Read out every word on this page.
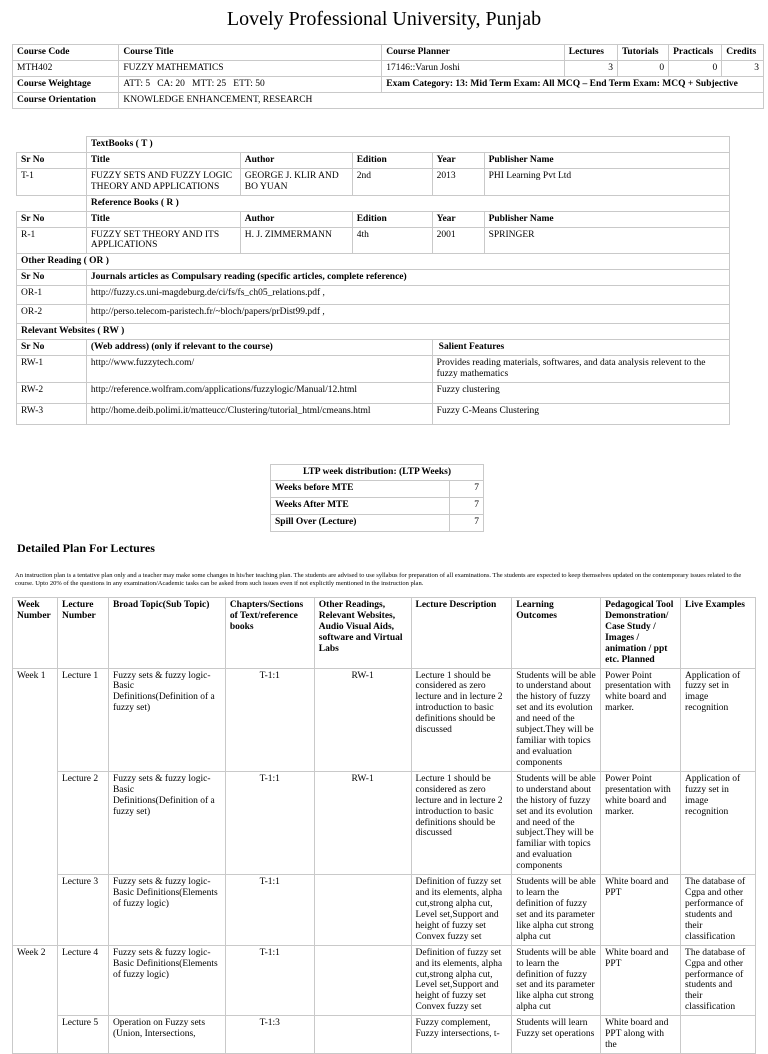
Lovely Professional University, Punjab
Course Code	Course Title	Course Planner	Lectures	Tutorials	Practicals	Credits
MTH402	FUZZY MATHEMATICS	17146::Varun Joshi	3	0	0	3
Course Weightage	ATT: 5   CA: 20   MTT: 25   ETT: 50	Exam Category: 13: Mid Term Exam: All MCQ – End Term Exam: MCQ + Subjective				
Course Orientation	KNOWLEDGE ENHANCEMENT, RESEARCH					
	TextBooks ( T )				
Sr No	Title	Author	Edition	Year	Publisher Name
T-1	FUZZY SETS AND FUZZY LOGIC THEORY AND APPLICATIONS	GEORGE J. KLIR AND BO YUAN	2nd	2013	PHI Learning Pvt Ltd
	Reference Books ( R )				
Sr No	Title	Author	Edition	Year	Publisher Name
R-1	FUZZY SET THEORY AND ITS APPLICATIONS	H. J. ZIMMERMANN	4th	2001	SPRINGER
Other Reading ( OR )					
Sr No	Journals articles as Compulsary reading (specific articles, complete reference)				
OR-1	http://fuzzy.cs.uni-magdeburg.de/ci/fs/fs_ch05_relations.pdf ,				
OR-2	http://perso.telecom-paristech.fr/~bloch/papers/prDist99.pdf ,				
Relevant Websites ( RW )					
Sr No	(Web address) (only if relevant to the course)			Salient Features	
RW-1	http://www.fuzzytech.com/			Provides reading materials, softwares, and data analysis relevent to the fuzzy mathematics	
RW-2	http://reference.wolfram.com/applications/fuzzylogic/Manual/12.html			Fuzzy clustering	
RW-3	http://home.deib.polimi.it/matteucc/Clustering/tutorial_html/cmeans.html			Fuzzy C-Means Clustering	
LTP week distribution: (LTP Weeks)	
Weeks before MTE	7
Weeks After MTE	7
Spill Over (Lecture)	7
Detailed Plan For Lectures
An instruction plan is a tentative plan only and a teacher may make some changes in his/her teaching plan. The students are advised to use syllabus for preparation of all examinations. The students are expected to keep themselves updated on the contemporary issues related to the course. Upto 20% of the questions in any examination/Academic tasks can be asked from such issues even if not explicitly mentioned in the instruction plan.
Week Number	Lecture Number	Broad Topic(Sub Topic)	Chapters/Sections of Text/reference books	Other Readings, Relevant Websites, Audio Visual Aids, software and Virtual Labs	Lecture Description	Learning Outcomes	Pedagogical Tool Demonstration/ Case Study / Images / animation / ppt etc. Planned	Live Examples
Week 1	Lecture 1	Fuzzy sets & fuzzy logic-Basic Definitions(Definition of a fuzzy set)	T-1:1	RW-1	Lecture 1 should be considered as zero lecture and in lecture 2 introduction to basic definitions should be discussed	Students will be able to understand about the history of fuzzy set and its evolution and need of the subject.They will be familiar with topics and evaluation components	Power Point presentation with white board and marker.	Application of fuzzy set in image recognition
	Lecture 2	Fuzzy sets & fuzzy logic-Basic Definitions(Definition of a fuzzy set)	T-1:1	RW-1	Lecture 1 should be considered as zero lecture and in lecture 2 introduction to basic definitions should be discussed	Students will be able to understand about the history of fuzzy set and its evolution and need of the subject.They will be familiar with topics and evaluation components	Power Point presentation with white board and marker.	Application of fuzzy set in image recognition
	Lecture 3	Fuzzy sets & fuzzy logic-Basic Definitions(Elements of fuzzy logic)	T-1:1		Definition of fuzzy set and its elements, alpha cut,strong alpha cut, Level set,Support and height of fuzzy set Convex fuzzy set	Students will be able to learn the definition of fuzzy set and its parameter like alpha cut strong alpha cut	White board and PPT	The database of Cgpa and other performance of students and their classification
Week 2	Lecture 4	Fuzzy sets & fuzzy logic-Basic Definitions(Elements of fuzzy logic)	T-1:1		Definition of fuzzy set and its elements, alpha cut,strong alpha cut, Level set,Support and height of fuzzy set Convex fuzzy set	Students will be able to learn the definition of fuzzy set and its parameter like alpha cut strong alpha cut	White board and PPT	The database of Cgpa and other performance of students and their classification
	Lecture 5	Operation on Fuzzy sets (Union, Intersections,	T-1:3		Fuzzy complement, Fuzzy intersections, t-	Students will learn Fuzzy set operations	White board and PPT along with the	
